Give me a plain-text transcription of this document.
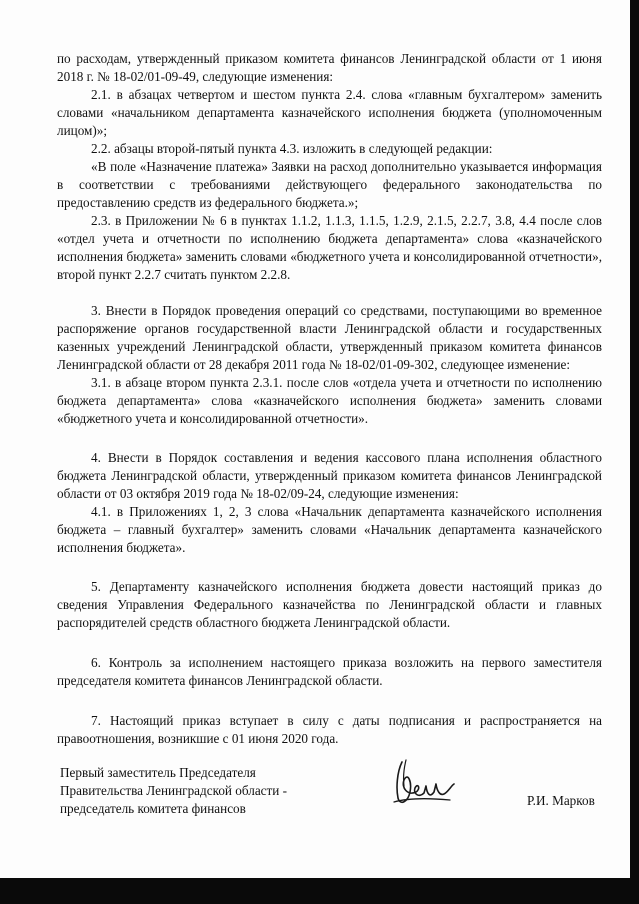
по расходам, утвержденный приказом комитета финансов Ленинградской области от 1 июня 2018 г. № 18-02/01-09-49, следующие изменения:

2.1. в абзацах четвертом и шестом пункта 2.4. слова «главным бухгалтером» заменить словами «начальником департамента казначейского исполнения бюджета (уполномоченным лицом)»;

2.2. абзацы второй-пятый пункта 4.3. изложить в следующей редакции:

«В поле «Назначение платежа» Заявки на расход дополнительно указывается информация в соответствии с требованиями действующего федерального законодательства по предоставлению средств из федерального бюджета.»;

2.3. в Приложении № 6 в пунктах 1.1.2, 1.1.3, 1.1.5, 1.2.9, 2.1.5, 2.2.7, 3.8, 4.4 после слов «отдел учета и отчетности по исполнению бюджета департамента» слова «казначейского исполнения бюджета» заменить словами «бюджетного учета и консолидированной отчетности», второй пункт 2.2.7 считать пунктом 2.2.8.

3. Внести в Порядок проведения операций со средствами, поступающими во временное распоряжение органов государственной власти Ленинградской области и государственных казенных учреждений Ленинградской области, утвержденный приказом комитета финансов Ленинградской области от 28 декабря 2011 года № 18-02/01-09-302, следующее изменение:

3.1. в абзаце втором пункта 2.3.1. после слов «отдела учета и отчетности по исполнению бюджета департамента» слова «казначейского исполнения бюджета» заменить словами «бюджетного учета и консолидированной отчетности».

4. Внести в Порядок составления и ведения кассового плана исполнения областного бюджета Ленинградской области, утвержденный приказом комитета финансов Ленинградской области от 03 октября 2019 года № 18-02/09-24, следующие изменения:

4.1. в Приложениях 1, 2, 3 слова «Начальник департамента казначейского исполнения бюджета – главный бухгалтер» заменить словами «Начальник департамента казначейского исполнения бюджета».

5. Департаменту казначейского исполнения бюджета довести настоящий приказ до сведения Управления Федерального казначейства по Ленинградской области и главных распорядителей средств областного бюджета Ленинградской области.

6. Контроль за исполнением настоящего приказа возложить на первого заместителя председателя комитета финансов Ленинградской области.

7. Настоящий приказ вступает в силу с даты подписания и распространяется на правоотношения, возникшие с 01 июня 2020 года.

Первый заместитель Председателя
Правительства Ленинградской области -
председатель комитета финансов
Р.И. Марков
